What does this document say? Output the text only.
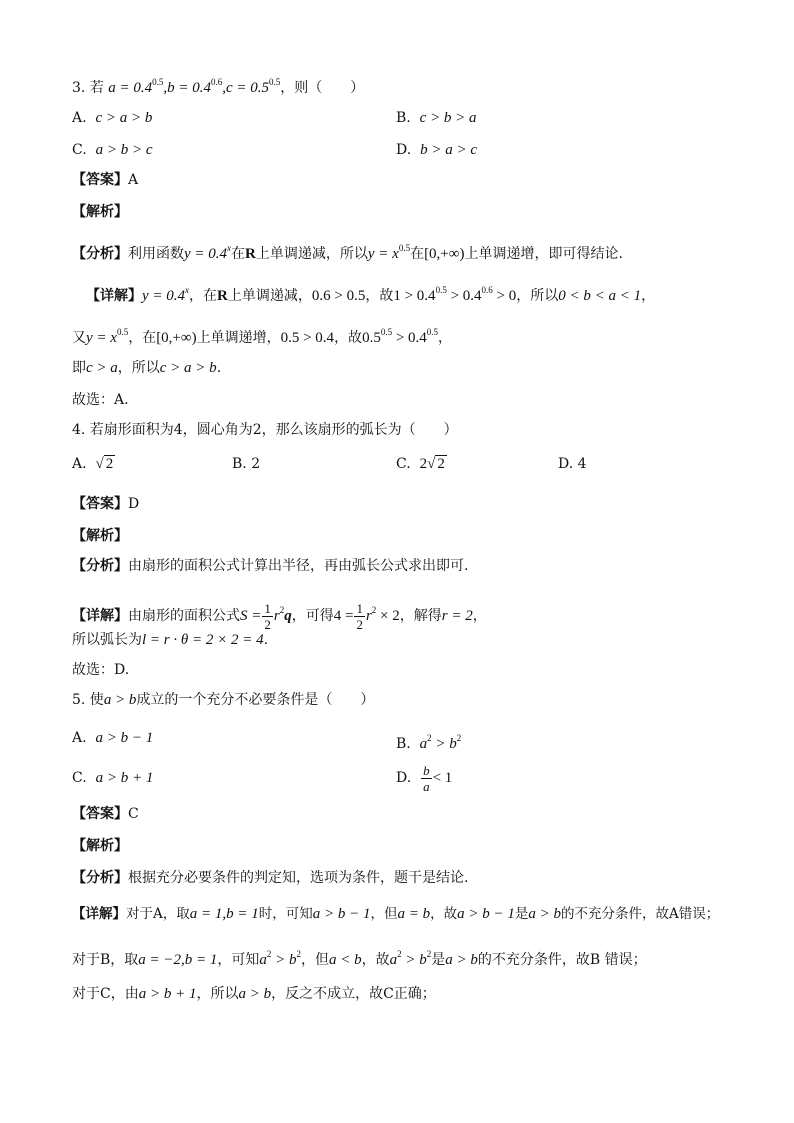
3. 若 $a = 0.4^{0.5},b = 0.4^{0.6},c = 0.5^{0.5}$，则（　　）
A. c > a > b	B. c > b > a
C. a > b > c	D. b > a > c
【答案】A
【解析】
【分析】利用函数$y = 0.4^x$在R上单调递减，所以$y = x^{0.5}$在[0,+∞)上单调递增，即可得结论.
【详解】$y = 0.4^x$，在R上单调递减，0.6 > 0.5，故$1 > 0.4^{0.5} > 0.4^{0.6} > 0$，所以0 < b < a < 1，
又$y = x^{0.5}$，在[0,+∞)上单调递增，0.5 > 0.4，故$0.5^{0.5} > 0.4^{0.5}$，
即c > a，所以c > a > b.
故选：A.
4. 若扇形面积为4，圆心角为2，那么该扇形的弧长为（　　）
A. √ 2	B. 2	C. 2√ 2	D. 4
【答案】D
【解析】
【分析】由扇形的面积公式计算出半径，再由弧长公式求出即可.
【详解】由扇形的面积公式$S = \frac{1}{2} r^2q$，可得$4 = \frac{1}{2} r^2 \times 2$，解得r = 2，
所以弧长为l = r · θ = 2 × 2 = 4.
故选：D.
5. 使a > b成立的一个充分不必要条件是（　　）
A. a > b − 1	B. $a^2 > b^2$
C. a > b + 1	D. $\frac{b}{a} < 1$
【答案】C
【解析】
【分析】根据充分必要条件的判定知，选项为条件，题干是结论.
【详解】对于A，取a = 1,b = 1时，可知a > b − 1，但a = b，故a > b − 1是a > b的不充分条件，故A错误；
对于B，取a = −2,b = 1，可知$a^2 > b^2$，但a < b，故$a^2 > b^2$是a > b的不充分条件，故B 错误；
对于C，由a > b + 1，所以a > b，反之不成立，故C正确；
